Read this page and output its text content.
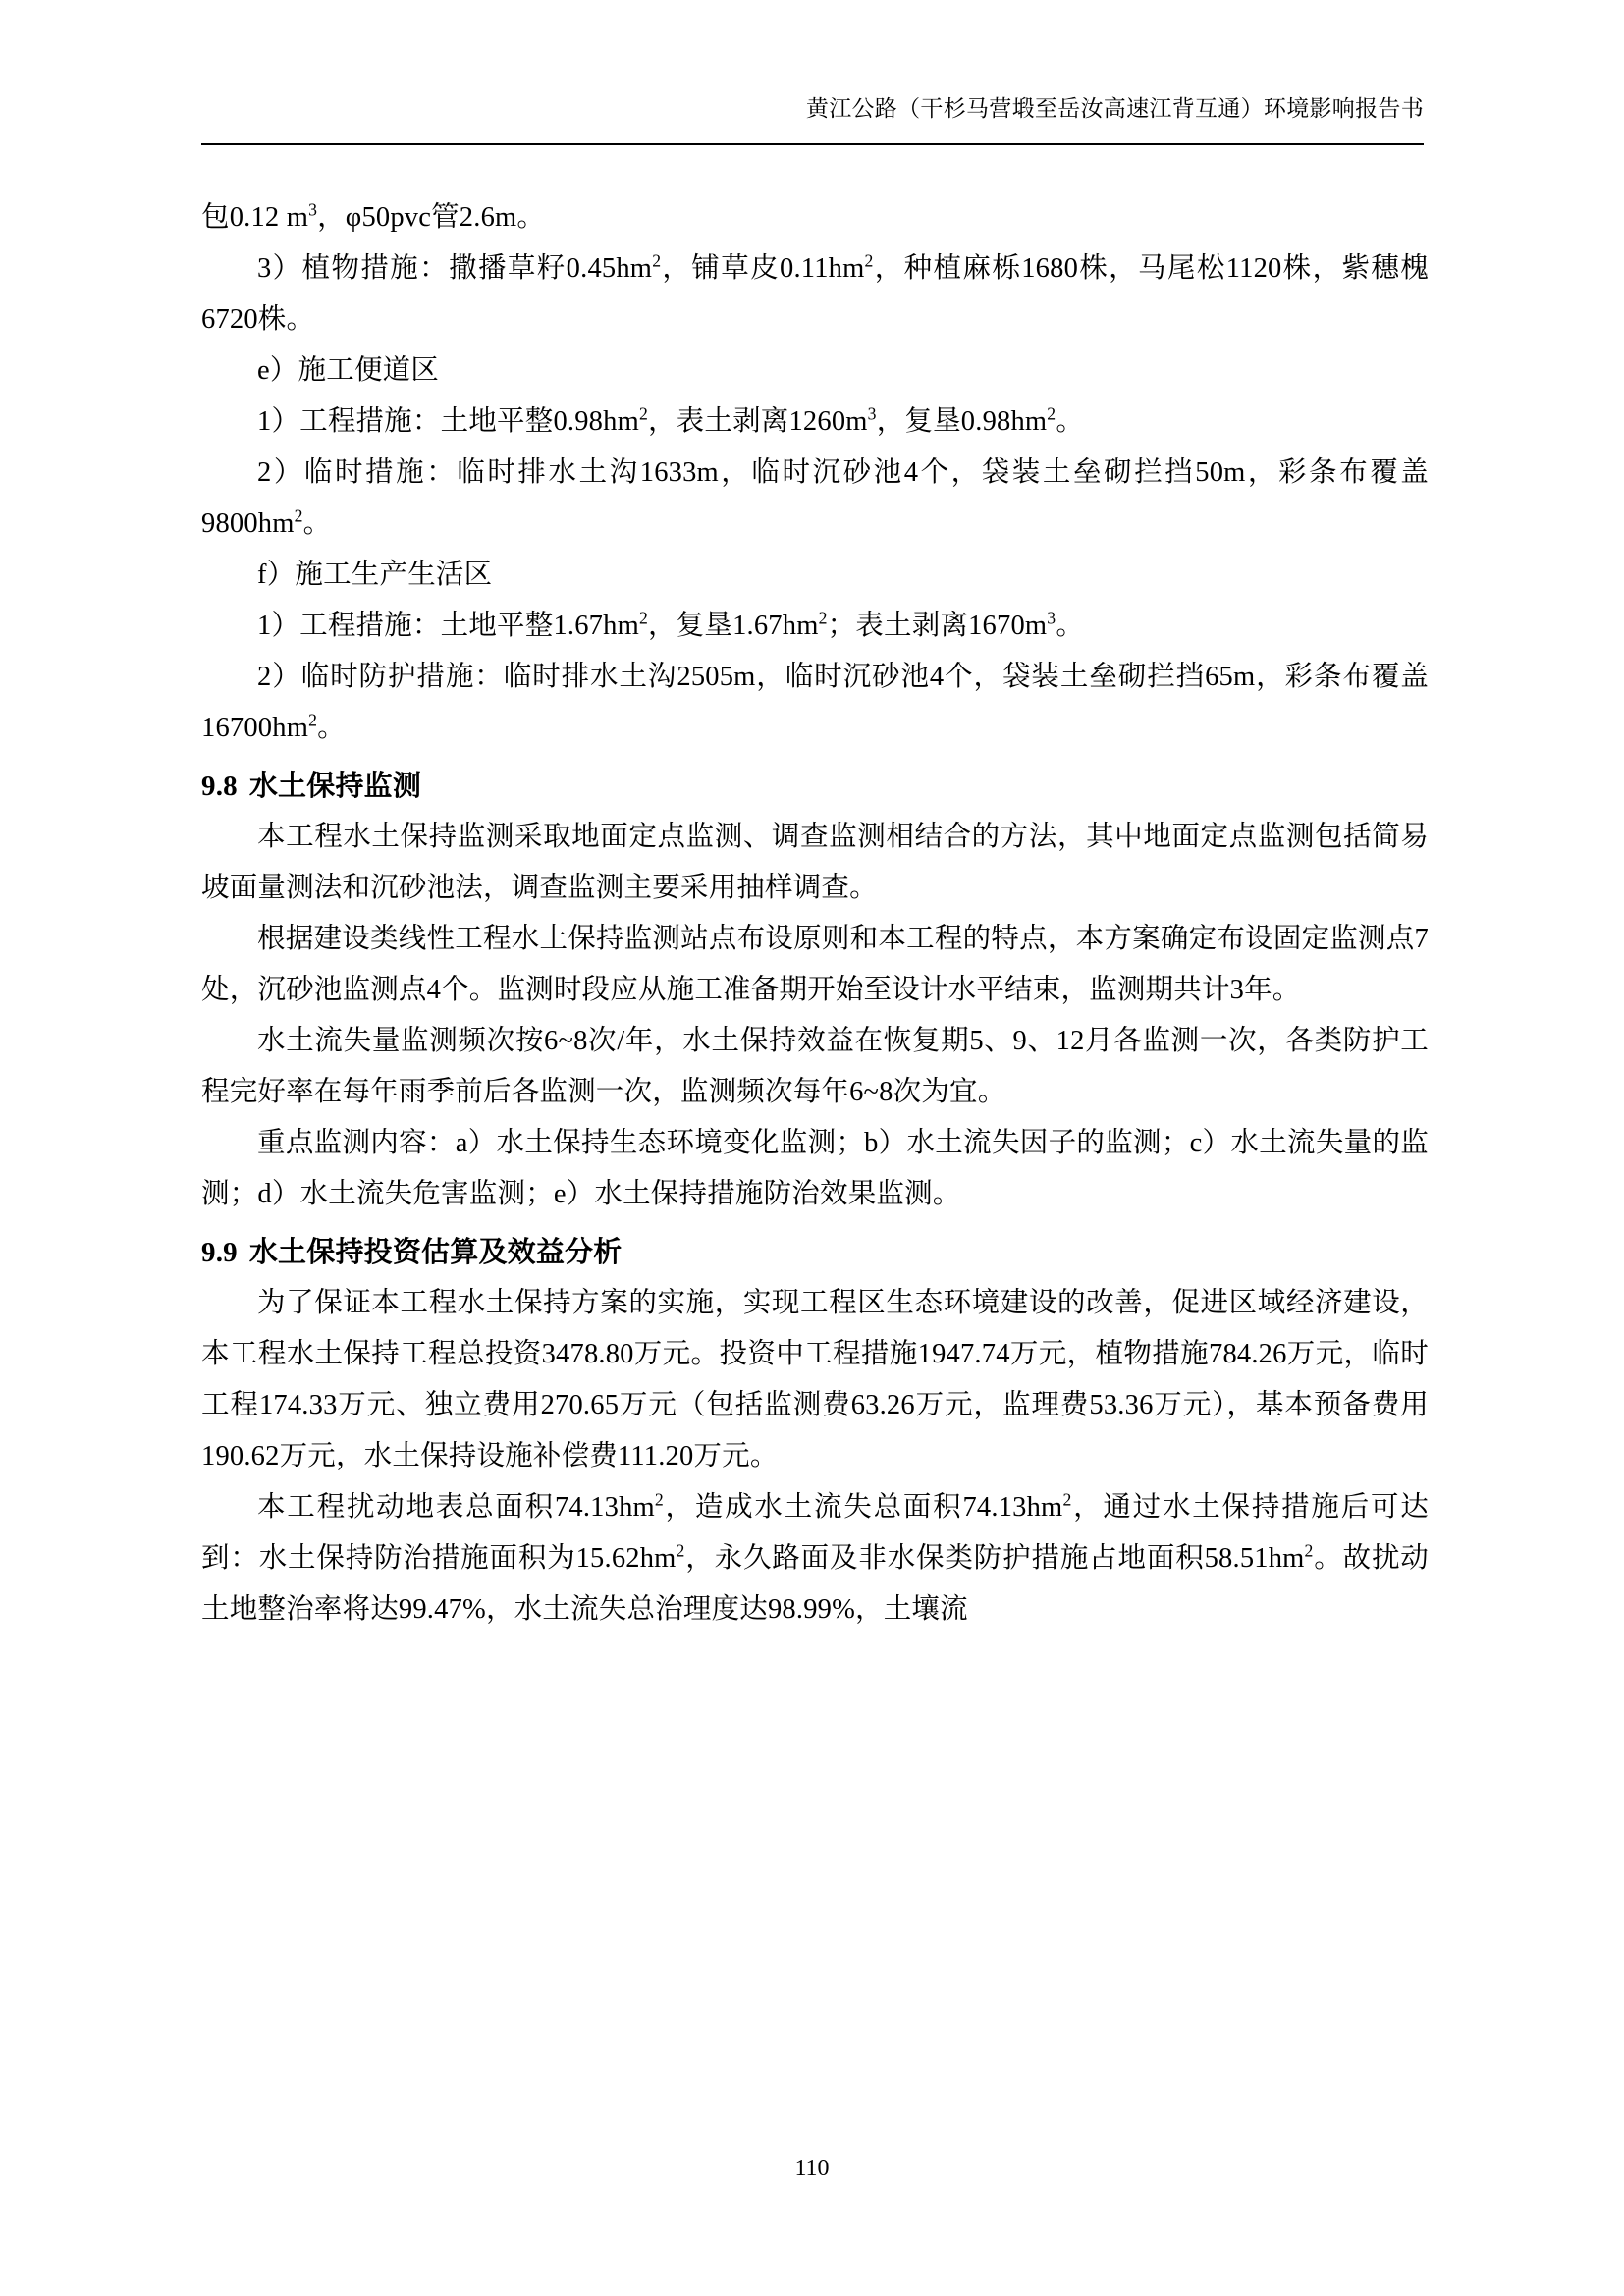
黄江公路（干杉马营塅至岳汝高速江背互通）环境影响报告书

包0.12 $m^3$，φ50pvc管2.6m。

3）植物措施：撒播草籽$0.45hm^2$，铺草皮$0.11hm^2$，种植麻栎1680株，马尾松1120株，紫穗槐6720株。

e）施工便道区

1）工程措施：土地平整$0.98hm^2$，表土剥离$1260m^3$，复垦$0.98hm^2$。

2）临时措施：临时排水土沟1633m，临时沉砂池4个，袋装土垒砌拦挡50m，彩条布覆盖$9800hm^2$。

f）施工生产生活区

1）工程措施：土地平整$1.67hm^2$，复垦$1.67hm^2$；表土剥离$1670m^3$。

2）临时防护措施：临时排水土沟2505m，临时沉砂池4个，袋装土垒砌拦挡65m，彩条布覆盖$16700hm^2$。

9.8 水土保持监测

本工程水土保持监测采取地面定点监测、调查监测相结合的方法，其中地面定点监测包括简易坡面量测法和沉砂池法，调查监测主要采用抽样调查。

根据建设类线性工程水土保持监测站点布设原则和本工程的特点，本方案确定布设固定监测点7处，沉砂池监测点4个。监测时段应从施工准备期开始至设计水平结束，监测期共计3年。

水土流失量监测频次按6~8次/年，水土保持效益在恢复期5、9、12月各监测一次，各类防护工程完好率在每年雨季前后各监测一次，监测频次每年6~8次为宜。

重点监测内容：a）水土保持生态环境变化监测；b）水土流失因子的监测；c）水土流失量的监测；d）水土流失危害监测；e）水土保持措施防治效果监测。

9.9 水土保持投资估算及效益分析

为了保证本工程水土保持方案的实施，实现工程区生态环境建设的改善，促进区域经济建设，本工程水土保持工程总投资3478.80万元。投资中工程措施1947.74万元，植物措施784.26万元，临时工程174.33万元、独立费用270.65万元（包括监测费63.26万元，监理费53.36万元），基本预备费用190.62万元，水土保持设施补偿费111.20万元。

本工程扰动地表总面积$74.13hm^2$，造成水土流失总面积$74.13hm^2$，通过水土保持措施后可达到：水土保持防治措施面积为$15.62hm^2$，永久路面及非水保类防护措施占地面积$58.51hm^2$。故扰动土地整治率将达99.47%，水土流失总治理度达98.99%，土壤流

110
